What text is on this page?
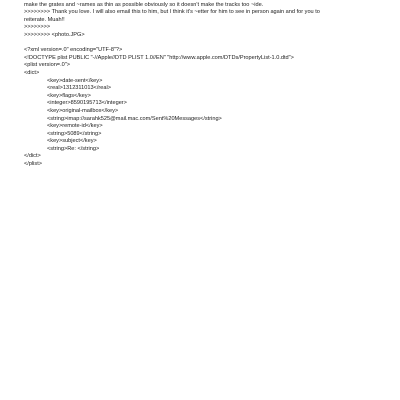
make the grates and ~rames as thin as possible obviously so it doesn't make the tracks too ~ide.
>>>>>>>> Thank you love. I will also email this to him, but I think it's ~etter for him to see in person again and for you to
reiterate. Muah!!
>>>>>>>>
>>>>>>>> <photo.JPG>
<?xml version=.0" encoding="UTF-8"?>
<!DOCTYPE plist PUBLIC "-//Apple//DTD PLIST 1.0//EN" "http://www.apple.com/DTDs/PropertyList-1.0.dtd">
<plist version=.0">
<dict>
<key>date-sent</key>
<real>1312311013</real>
<key>flags</key>
<integer>8590195713</integer>
<key>original-mailbox</key>
<string>imap://sarahk525@mail.mac.com/Sent%20Messages</string>
<key>remote-id</key>
<string>5089</string>
<key>subject</key>
<string>Re: </string>
</dict>
</plist>
